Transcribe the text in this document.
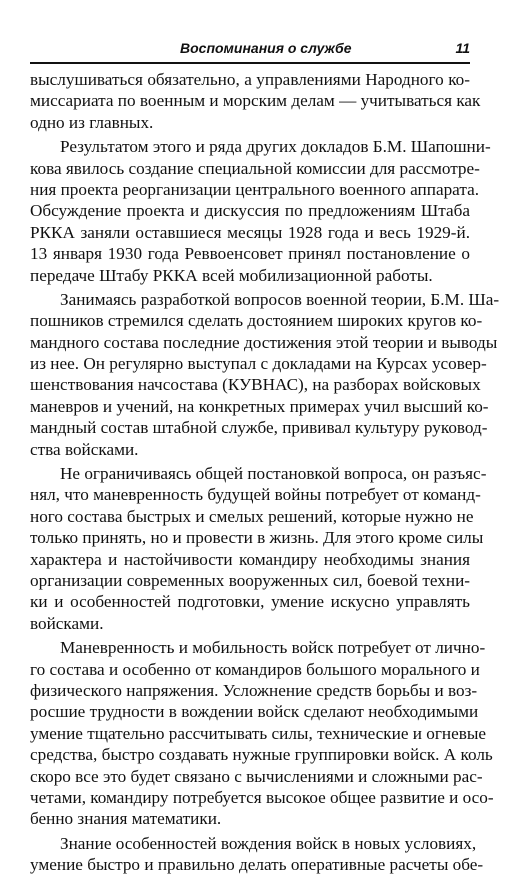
Воспоминания о службе	11
выслушиваться обязательно, а управлениями Народного ко-
миссариата по военным и морским делам — учитываться как
одно из главных.
Результатом этого и ряда других докладов Б.М. Шапошни-
кова явилось создание специальной комиссии для рассмотре-
ния проекта реорганизации центрального военного аппарата.
Обсуждение проекта и дискуссия по предложениям Штаба
РККА заняли оставшиеся месяцы 1928 года и весь 1929-й.
13 января 1930 года Реввоенсовет принял постановление о
передаче Штабу РККА всей мобилизационной работы.
Занимаясь разработкой вопросов военной теории, Б.М. Ша-
пошников стремился сделать достоянием широких кругов ко-
мандного состава последние достижения этой теории и выводы
из нее. Он регулярно выступал с докладами на Курсах усовер-
шенствования начсостава (КУВНАС), на разборах войсковых
маневров и учений, на конкретных примерах учил высший ко-
мандный состав штабной службе, прививал культуру руковод-
ства войсками.
Не ограничиваясь общей постановкой вопроса, он разъяс-
нял, что маневренность будущей войны потребует от команд-
ного состава быстрых и смелых решений, которые нужно не
только принять, но и провести в жизнь. Для этого кроме силы
характера и настойчивости командиру необходимы знания
организации современных вооруженных сил, боевой техни-
ки и особенностей подготовки, умение искусно управлять
войсками.
Маневренность и мобильность войск потребует от лично-
го состава и особенно от командиров большого морального и
физического напряжения. Усложнение средств борьбы и воз-
росшие трудности в вождении войск сделают необходимыми
умение тщательно рассчитывать силы, технические и огневые
средства, быстро создавать нужные группировки войск. А коль
скоро все это будет связано с вычислениями и сложными рас-
четами, командиру потребуется высокое общее развитие и осо-
бенно знания математики.
Знание особенностей вождения войск в новых условиях,
умение быстро и правильно делать оперативные расчеты обе-
